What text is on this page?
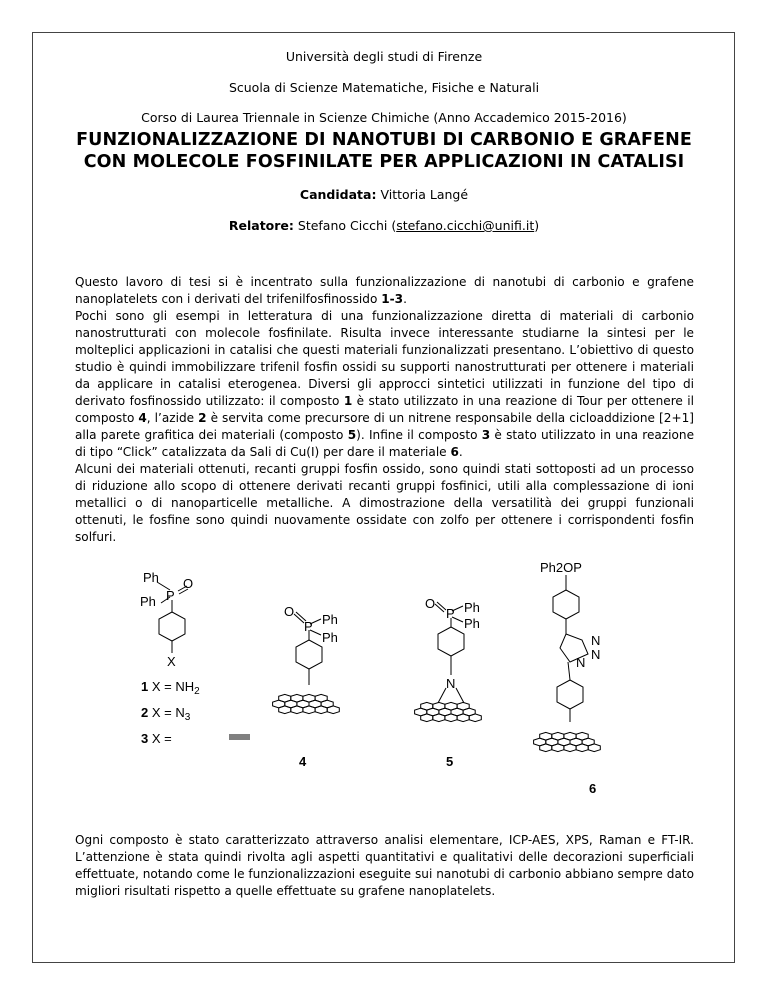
Università degli studi di Firenze
Scuola di Scienze Matematiche, Fisiche e Naturali
Corso di Laurea Triennale in Scienze Chimiche (Anno Accademico 2015-2016)
FUNZIONALIZZAZIONE DI NANOTUBI DI CARBONIO E GRAFENE
CON MOLECOLE FOSFINILATE PER APPLICAZIONI IN CATALISI
Candidata: Vittoria Langé
Relatore: Stefano Cicchi (stefano.cicchi@unifi.it)

Questo lavoro di tesi si è incentrato sulla funzionalizzazione di nanotubi di carbonio e grafene nanoplatelets con i derivati del trifenilfosfinossido 1-3.

Pochi sono gli esempi in letteratura di una funzionalizzazione diretta di materiali di carbonio nanostrutturati con molecole fosfinilate. Risulta invece interessante studiarne la sintesi per le molteplici applicazioni in catalisi che questi materiali funzionalizzati presentano. L’obiettivo di questo studio è quindi immobilizzare trifenil fosfin ossidi su supporti nanostrutturati per ottenere i materiali da applicare in catalisi eterogenea. Diversi gli approcci sintetici utilizzati in funzione del tipo di derivato fosfinossido utilizzato: il composto 1 è stato utilizzato in una reazione di Tour per ottenere il composto 4, l’azide 2 è servita come precursore di un nitrene responsabile della cicloaddizione [2+1] alla parete grafitica dei materiali (composto 5). Infine il composto 3 è stato utilizzato in una reazione di tipo “Click” catalizzata da Sali di Cu(I) per dare il materiale 6.

Alcuni dei materiali ottenuti, recanti gruppi fosfin ossido, sono quindi stati sottoposti ad un processo di riduzione allo scopo di ottenere derivati recanti gruppi fosfinici, utili alla complessazione di ioni metallici o di nanoparticelle metalliche. A dimostrazione della versatilità dei gruppi funzionali ottenuti, le fosfine sono quindi nuovamente ossidate con zolfo per ottenere i corrispondenti fosfin solfuri.

Ph O
P
Ph
X
1 $X = NH_2$
2 $X = N_3$
3 X =
O
P Ph
Ph
4
O
P Ph
Ph
N
5
Ph2OP
N
N
N
6

Ogni composto è stato caratterizzato attraverso analisi elementare, ICP-AES, XPS, Raman e FT-IR. L’attenzione è stata quindi rivolta agli aspetti quantitativi e qualitativi delle decorazioni superficiali effettuate, notando come le funzionalizzazioni eseguite sui nanotubi di carbonio abbiano sempre dato migliori risultati rispetto a quelle effettuate su grafene nanoplatelets.
